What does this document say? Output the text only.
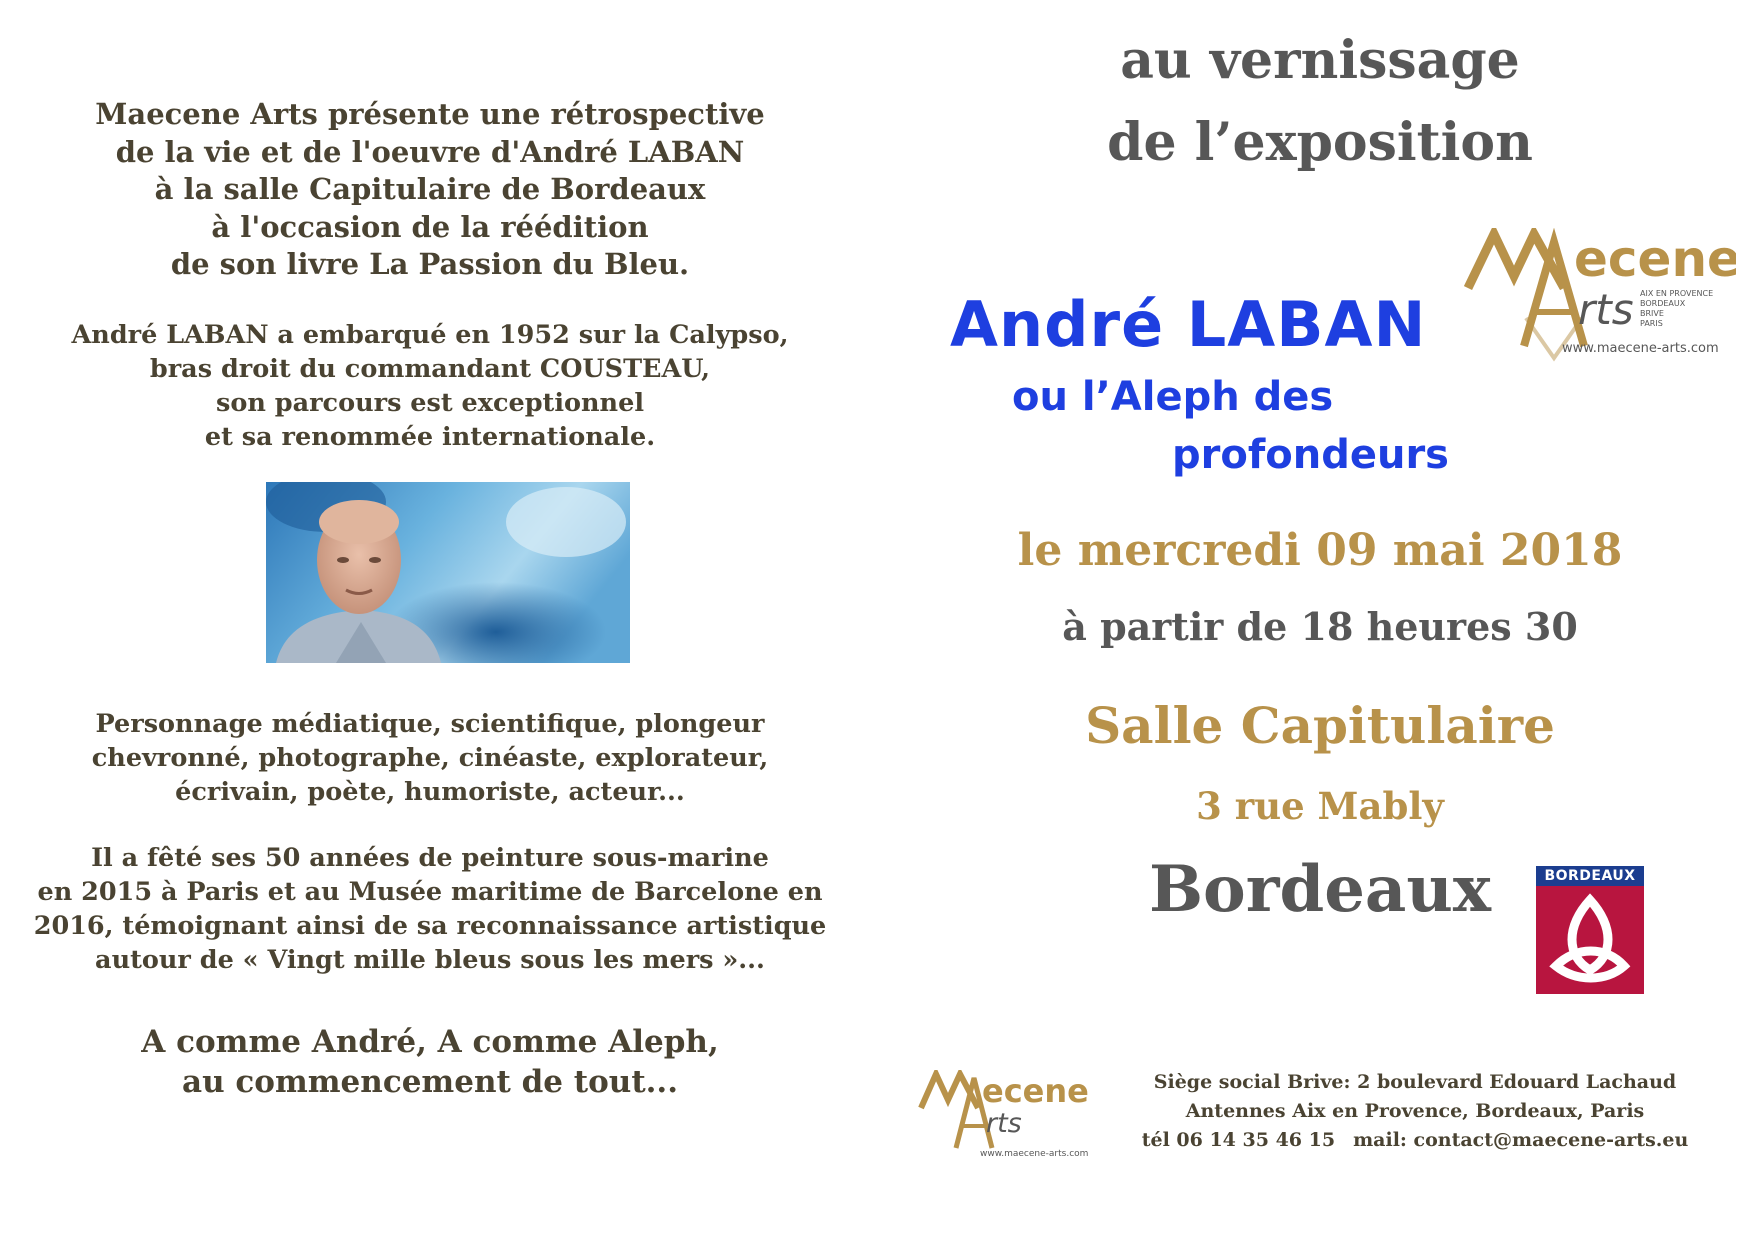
Maecene Arts présente une rétrospective
de la vie et de l'oeuvre d'André LABAN
à la salle Capitulaire de Bordeaux
à l'occasion de la réédition
de son livre La Passion du Bleu.
André LABAN a embarqué en 1952 sur la Calypso,
bras droit du commandant COUSTEAU,
son parcours est exceptionnel
et sa renommée internationale.
Personnage médiatique, scientifique, plongeur
chevronné, photographe, cinéaste, explorateur,
écrivain, poète, humoriste, acteur...
Il a fêté ses 50 années de peinture sous-marine
en 2015 à Paris et au Musée maritime de Barcelone en
2016, témoignant ainsi de sa reconnaissance artistique
autour de « Vingt mille bleus sous les mers »...
A comme André, A comme Aleph,
au commencement de tout...
au vernissage
de l’exposition
ecene
rts AIX EN PROVENCE
BORDEAUX
BRIVE
PARIS
www.maecene-arts.com
André LABAN
ou l’Aleph des
profondeurs
le mercredi 09 mai 2018
à partir de 18 heures 30
Salle Capitulaire
3 rue Mably
Bordeaux	BORDEAUX
ecene
rts
www.maecene-arts.com
Siège social Brive: 2 boulevard Edouard Lachaud
Antennes Aix en Provence, Bordeaux, Paris
tél 06 14 35 46 15 mail: contact@maecene-arts.eu
